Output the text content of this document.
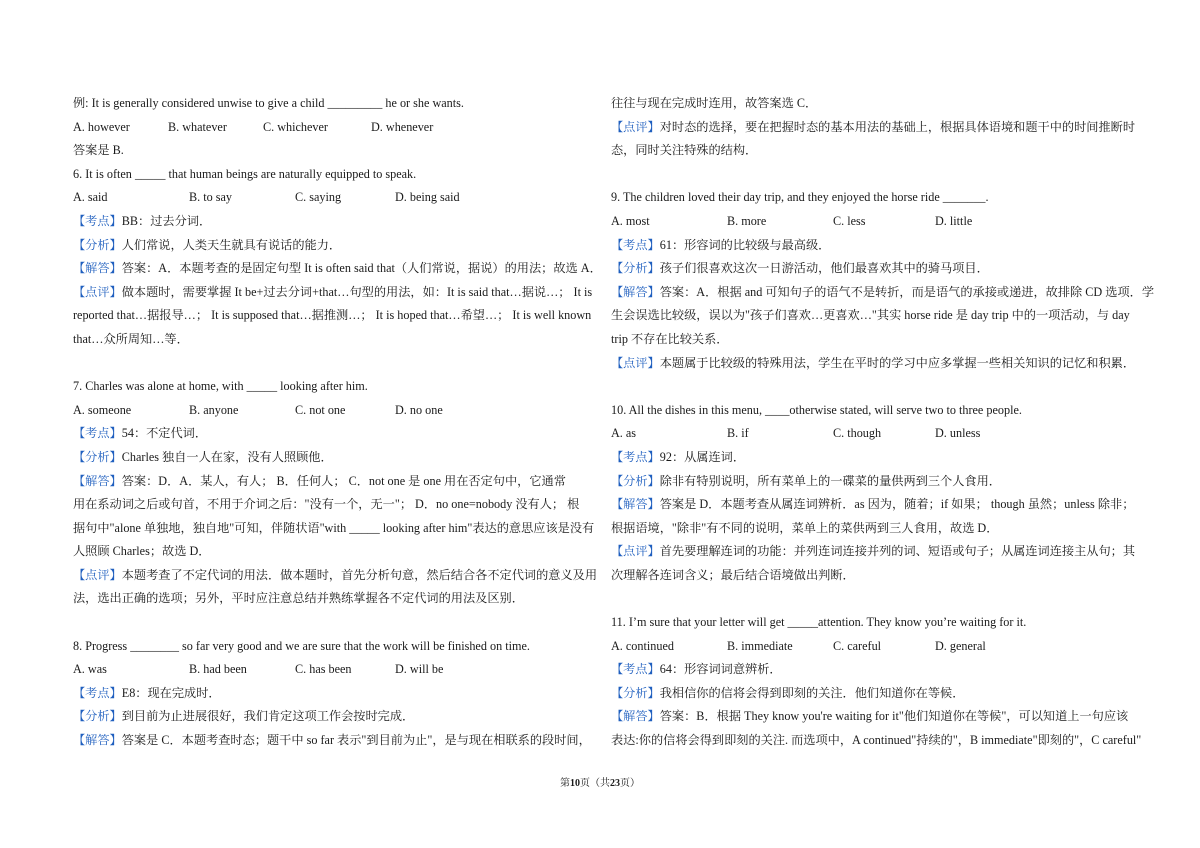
例: It is generally considered unwise to give a child _________ he or she wants.
A. however	B. whatever	C. whichever	D. whenever
答案是 B.
6. It is often _____ that human beings are naturally equipped to speak.
A. said	B. to say	C. saying	D. being said
【考点】BB：过去分词．
【分析】人们常说，人类天生就具有说话的能力．
【解答】答案：A．本题考查的是固定句型 It is often said that（人们常说，据说）的用法；故选 A．
【点评】做本题时，需要掌握 It be+过去分词+that…句型的用法，如：It is said that…据说…； It is
reported that…据报导…； It is supposed that…据推测…； It is hoped that…希望…； It is well known
that…众所周知…等．
7. Charles was alone at home, with _____ looking after him.
A. someone	B. anyone	C. not one	D. no one
【考点】54：不定代词．
【分析】Charles 独自一人在家，没有人照顾他．
【解答】答案：D．A．某人，有人； B．任何人； C．not one 是 one 用在否定句中，它通常
用在系动词之后或句首，不用于介词之后："没有一个，无一"； D．no one=nobody 没有人； 根
据句中"alone 单独地，独自地"可知，伴随状语"with _____ looking after him"表达的意思应该是没有
人照顾 Charles；故选 D．
【点评】本题考查了不定代词的用法．做本题时，首先分析句意，然后结合各不定代词的意义及用
法，选出正确的选项；另外，平时应注意总结并熟练掌握各不定代词的用法及区别．
8. Progress ________ so far very good and we are sure that the work will be finished on time.
A. was	B. had been	C. has been	D. will be
【考点】E8：现在完成时．
【分析】到目前为止进展很好，我们肯定这项工作会按时完成．
【解答】答案是 C．本题考查时态；题干中 so far 表示"到目前为止"，是与现在相联系的段时间，
往往与现在完成时连用，故答案选 C．
【点评】对时态的选择，要在把握时态的基本用法的基础上，根据具体语境和题干中的时间推断时
态，同时关注特殊的结构．
9. The children loved their day trip, and they enjoyed the horse ride _______.
A. most	B. more	C. less	D. little
【考点】61：形容词的比较级与最高级．
【分析】孩子们很喜欢这次一日游活动，他们最喜欢其中的骑马项目．
【解答】答案：A．根据 and 可知句子的语气不是转折，而是语气的承接或递进，故排除 CD 选项．学
生会误选比较级，误以为"孩子们喜欢…更喜欢…"其实 horse ride 是 day trip 中的一项活动，与 day
trip 不存在比较关系．
【点评】本题属于比较级的特殊用法，学生在平时的学习中应多掌握一些相关知识的记忆和积累．
10. All the dishes in this menu, ____otherwise stated, will serve two to three people.
A. as	B. if	C. though	D. unless
【考点】92：从属连词．
【分析】除非有特别说明，所有菜单上的一碟菜的量供两到三个人食用．
【解答】答案是 D．本题考查从属连词辨析．as 因为，随着；if 如果； though 虽然；unless 除非；
根据语境，"除非"有不同的说明，菜单上的菜供两到三人食用，故选 D．
【点评】首先要理解连词的功能：并列连词连接并列的词、短语或句子；从属连词连接主从句；其
次理解各连词含义；最后结合语境做出判断．
11. I’m sure that your letter will get _____attention. They know you’re waiting for it.
A. continued	B. immediate	C. careful	D. general
【考点】64：形容词词意辨析．
【分析】我相信你的信将会得到即刻的关注．他们知道你在等候．
【解答】答案：B．根据 They know you're waiting for it"他们知道你在等候"，可以知道上一句应该
表达:你的信将会得到即刻的关注. 而选项中，A continued"持续的"，B immediate"即刻的"，C careful"
第10页（共23页）
